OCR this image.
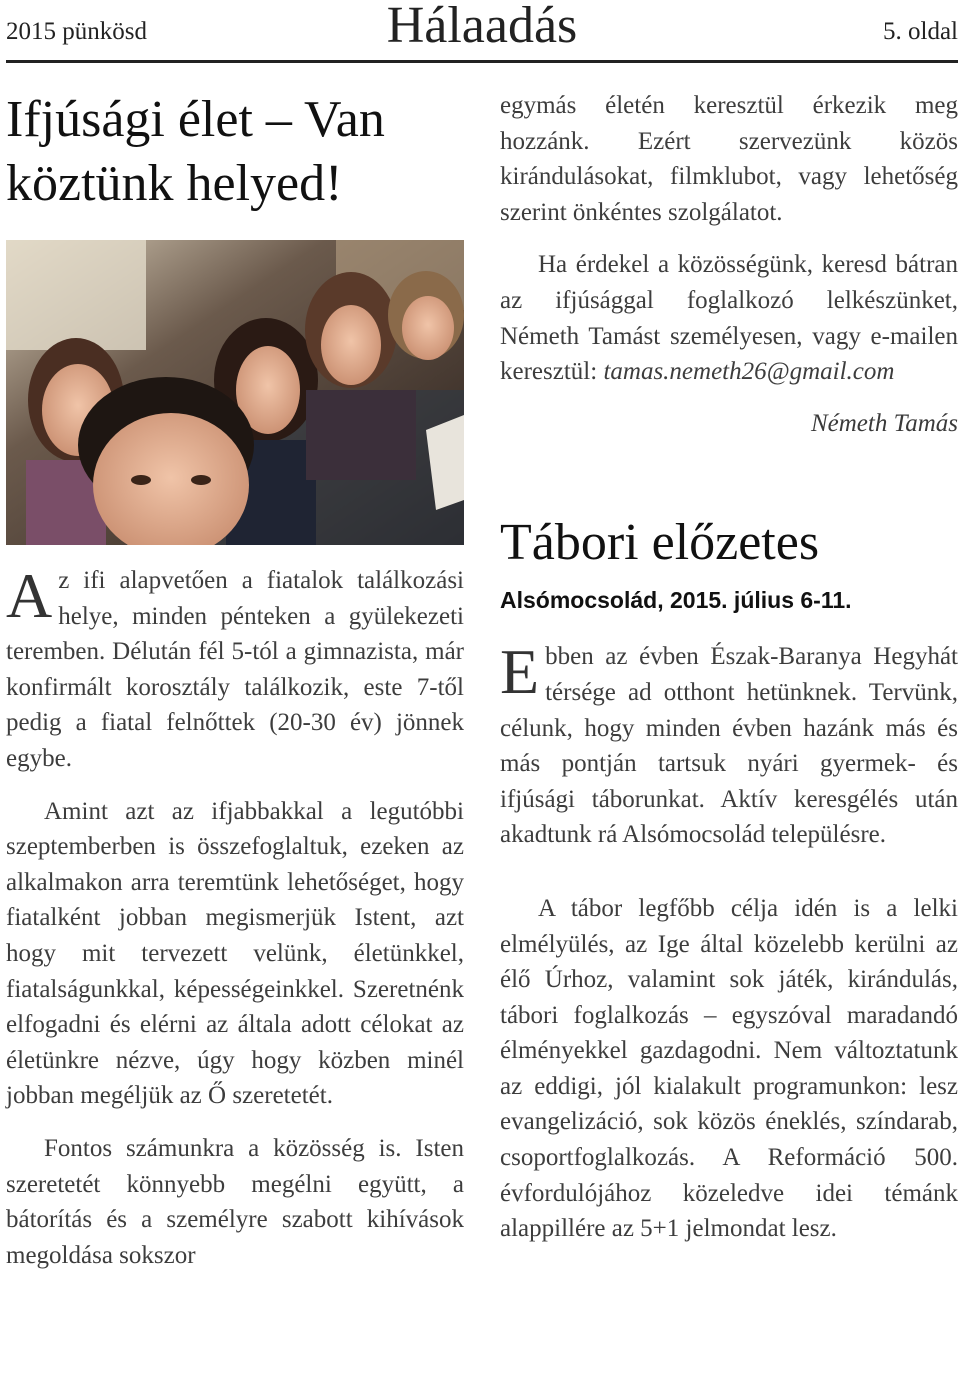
2015 pünkösd	Hálaadás	5. oldal
Ifjúsági élet – Van
köztünk helyed!

Az ifi alapvetően a fiatalok találkozási helye, minden pénteken a gyülekezeti teremben. Délután fél 5-tól a gimnazista, már konfirmált korosztály találkozik, este 7-től pedig a fiatal felnőttek (20-30 év) jönnek egybe.

Amint azt az ifjabbakkal a legutóbbi szeptemberben is összefoglaltuk, ezeken az alkalmakon arra teremtünk lehetőséget, hogy fiatalként jobban megismerjük Istent, azt hogy mit tervezett velünk, életünkkel, fiatalságunkkal, képességeinkkel. Szeretnénk elfogadni és elérni az általa adott célokat az életünkre nézve, úgy hogy közben minél jobban megéljük az Ő szeretetét.

Fontos számunkra a közösség is. Isten szeretetét könnyebb megélni együtt, a bátorítás és a személyre szabott kihívások megoldása sokszor

egymás életén keresztül érkezik meg hozzánk. Ezért szervezünk közös kirándulásokat, filmklubot, vagy lehetőség szerint önkéntes szolgálatot.

Ha érdekel a közösségünk, keresd bátran az ifjúsággal foglalkozó lelkészünket, Németh Tamást személyesen, vagy e-mailen keresztül: tamas.nemeth26@gmail.com

Németh Tamás
Tábori előzetes
Alsómocsolád, 2015. július 6-11.

Ebben az évben Észak-Baranya Hegyhát térsége ad otthont hetünknek. Tervünk, célunk, hogy minden évben hazánk más és más pontján tartsuk nyári gyermek- és ifjúsági táborunkat. Aktív keresgélés után akadtunk rá Alsómocsolád településre.

A tábor legfőbb célja idén is a lelki elmélyülés, az Ige által közelebb kerülni az élő Úrhoz, valamint sok játék, kirándulás, tábori foglalkozás – egyszóval maradandó élményekkel gazdagodni. Nem változtatunk az eddigi, jól kialakult programunkon: lesz evangelizáció, sok közös éneklés, színdarab, csoportfoglalkozás. A Reformáció 500. évfordulójához közeledve idei témánk alappillére az 5+1 jelmondat lesz.
